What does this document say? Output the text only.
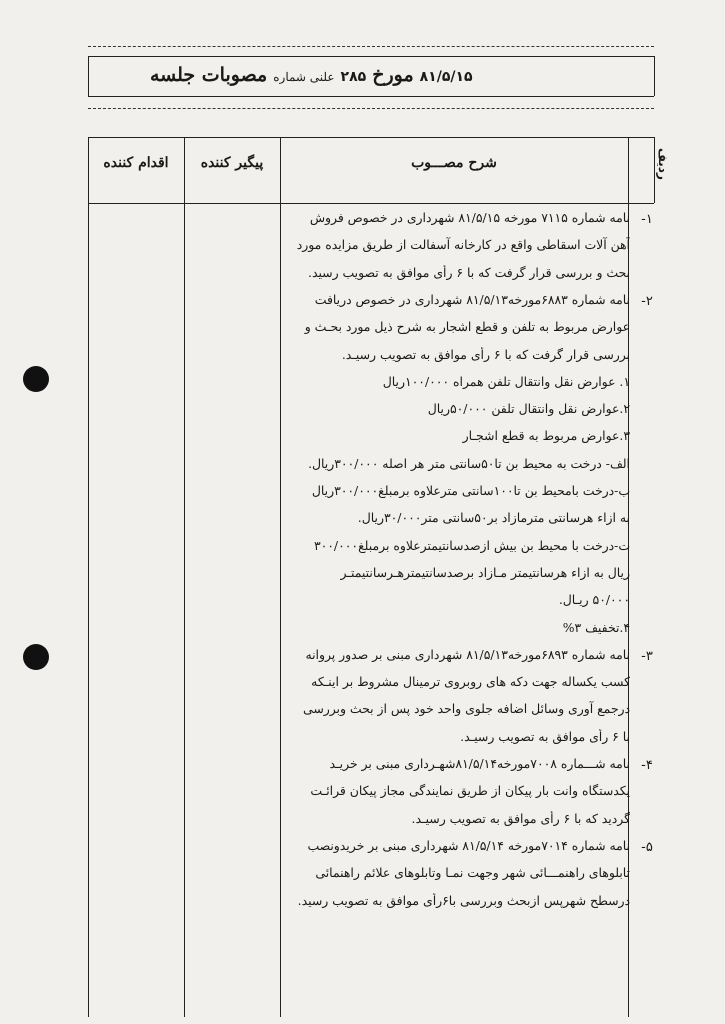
مصوبات جلسه علنی شماره ۲۸۵ مورخ ۸۱/۵/۱۵
اقدام کننده	پیگیر کننده	شرح مصـــوب	ردیف
-۱
نامه شماره ۷۱۱۵ مورخه ۸۱/۵/۱۵ شهرداری در خصوص فروش
آهن آلات اسقاطی واقع در کارخانه آسفالت از طریق مزایده مورد
بحث و بررسی قرار گرفت که با ۶ رأی موافق به تصویب رسید.
-۲
نامه شماره ۶۸۸۳مورخه۸۱/۵/۱۳ شهرداری در خصوص دریافت
عوارض مربوط به تلفن و قطع اشجار به شرح ذیل مورد بحـث و
بررسی قرار گرفت که با ۶ رأی موافق به تصویب رسیـد.
۱. عوارض نقل وانتقال تلفن همراه ۱۰۰/۰۰۰ریال
۲.عوارض نقل وانتقال تلفن ۵۰/۰۰۰ریال
۳.عوارض مربوط به قطع اشجـار
الف- درخت به محیط بن تا۵۰سانتی متر هر اصله ۳۰۰/۰۰۰ریال.
ب-درخت بامحیط بن تا۱۰۰سانتی مترعلاوه برمبلغ۳۰۰/۰۰۰ریال
به ازاء هرسانتی مترمازاد بر۵۰سانتی متر۳۰/۰۰۰ریال.
ت-درخت با محیط بن بیش ازصدسانتیمترعلاوه برمبلغ۳۰۰/۰۰۰
ریال به ازاء هرسانتیمتر مـازاد برصدسانتیمترهـرسانتیمتـر
۵۰/۰۰۰ ریـال.
۴.تخفیف ۳%
-۳
نامه شماره ۶۸۹۳مورخه۸۱/۵/۱۳ شهرداری مبنی بر صدور پروانه
کسب یکساله جهت دکه های روبروی ترمینال مشروط بر اینـکه
درجمع آوری وسائل اضافه جلوی واحد خود پس از بحث وبررسی
با ۶ رأی موافق به تصویب رسیـد.
-۴
نامه شـــماره ۷۰۰۸مورخه۸۱/۵/۱۴شهـرداری مبنی بر خریـد
یکدستگاه وانت بار پیکان از طریق نمایندگی مجاز پیکان قرائـت
گردید که با ۶ رأی موافق به تصویب رسیـد.
-۵
نامه شماره ۷۰۱۴مورخه ۸۱/۵/۱۴ شهرداری مبنی بر خریدونصب
تابلوهای راهنمـــائی شهر وجهت نمـا وتابلوهای علائم راهنمائی
درسطح شهرپس ازبحث وبررسی با۶رأی موافق به تصویب رسید.
